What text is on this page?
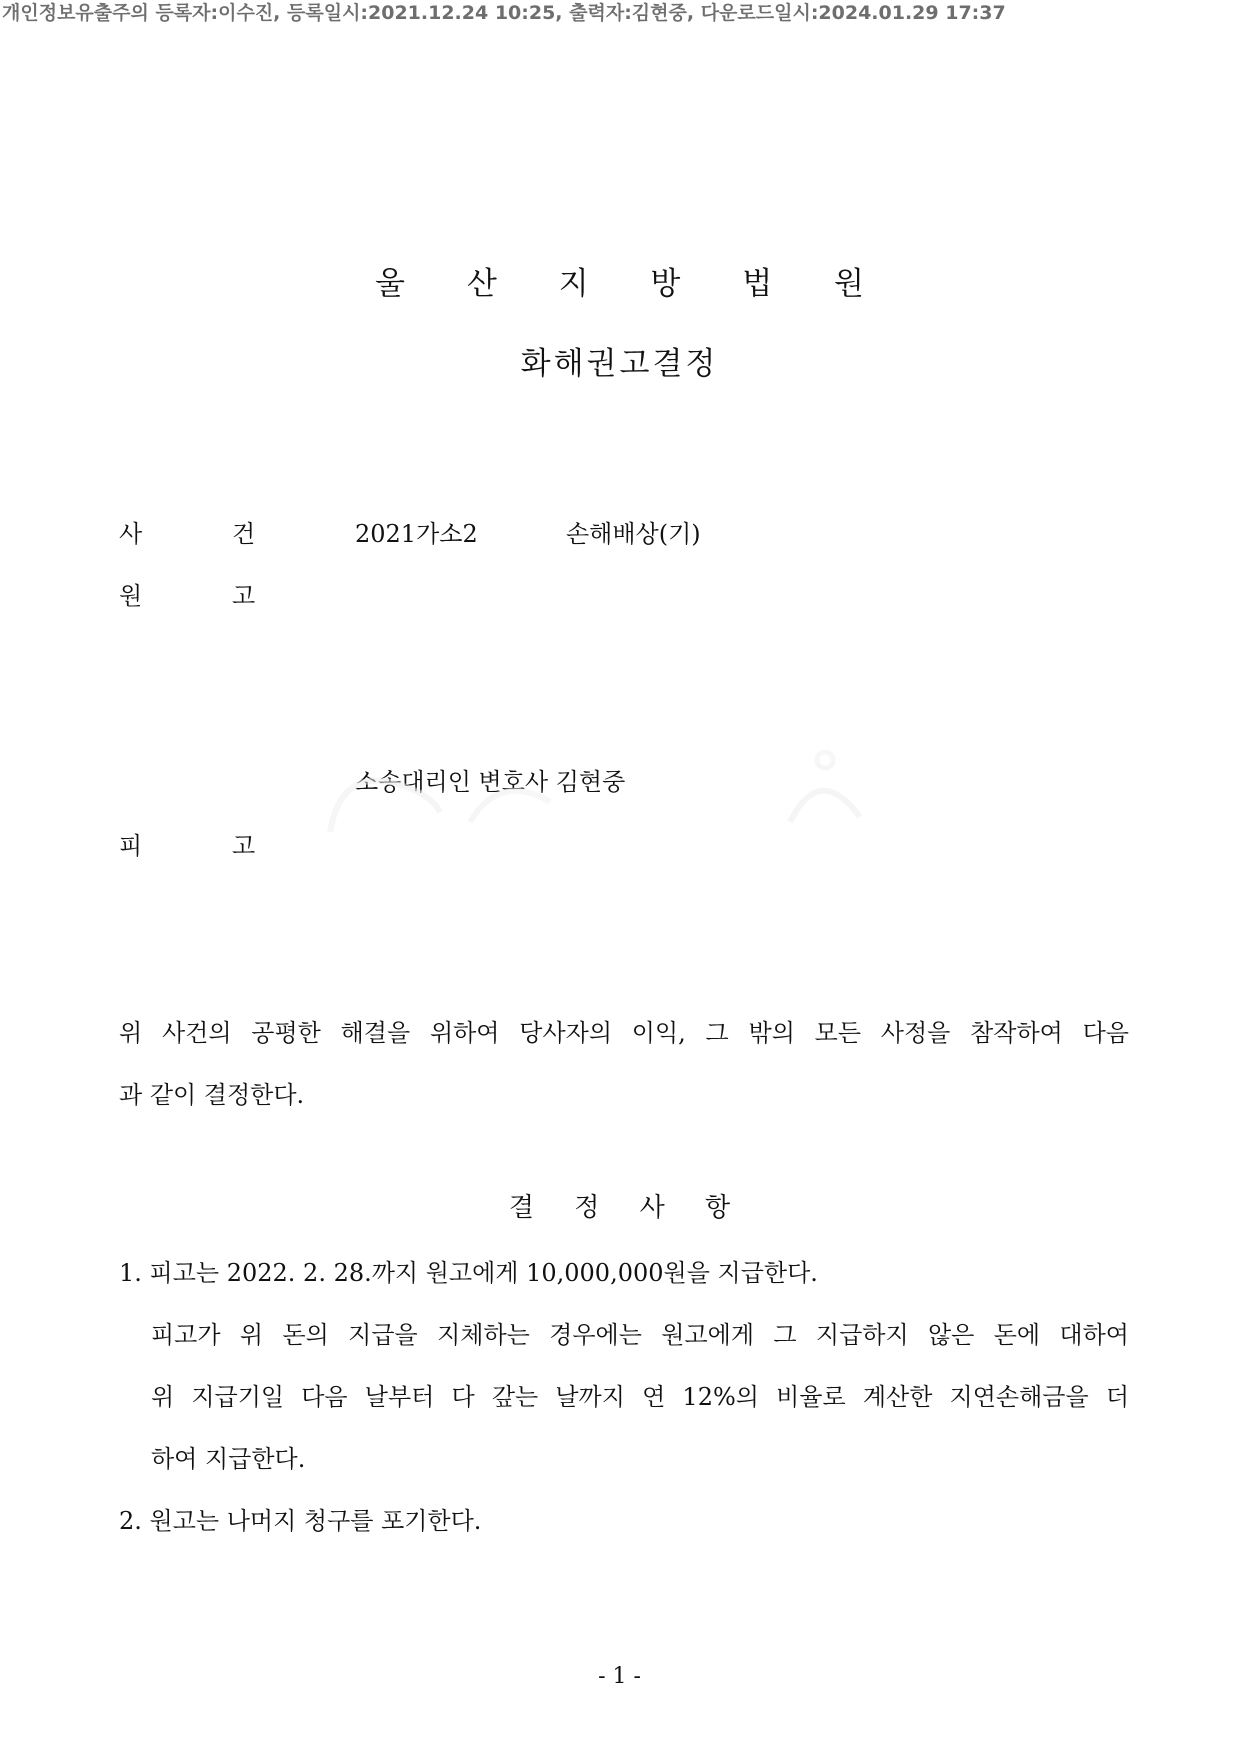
개인정보유출주의 등록자:이수진, 등록일시:2021.12.24 10:25, 출력자:김현중, 다운로드일시:2024.01.29 17:37
울 산 지 방 법 원
화해권고결정
사	건	2021가소2	손해배상(기)
원	고
소송대리인 변호사 김현중
피	고
위 사건의 공평한 해결을 위하여 당사자의 이익, 그 밖의 모든 사정을 참작하여 다음
과 같이 결정한다.
결 정 사 항
1. 피고는 2022. 2. 28.까지 원고에게 10,000,000원을 지급한다.
피고가 위 돈의 지급을 지체하는 경우에는 원고에게 그 지급하지 않은 돈에 대하여
위 지급기일 다음 날부터 다 갚는 날까지 연 12%의 비율로 계산한 지연손해금을 더
하여 지급한다.
2. 원고는 나머지 청구를 포기한다.
- 1 -
